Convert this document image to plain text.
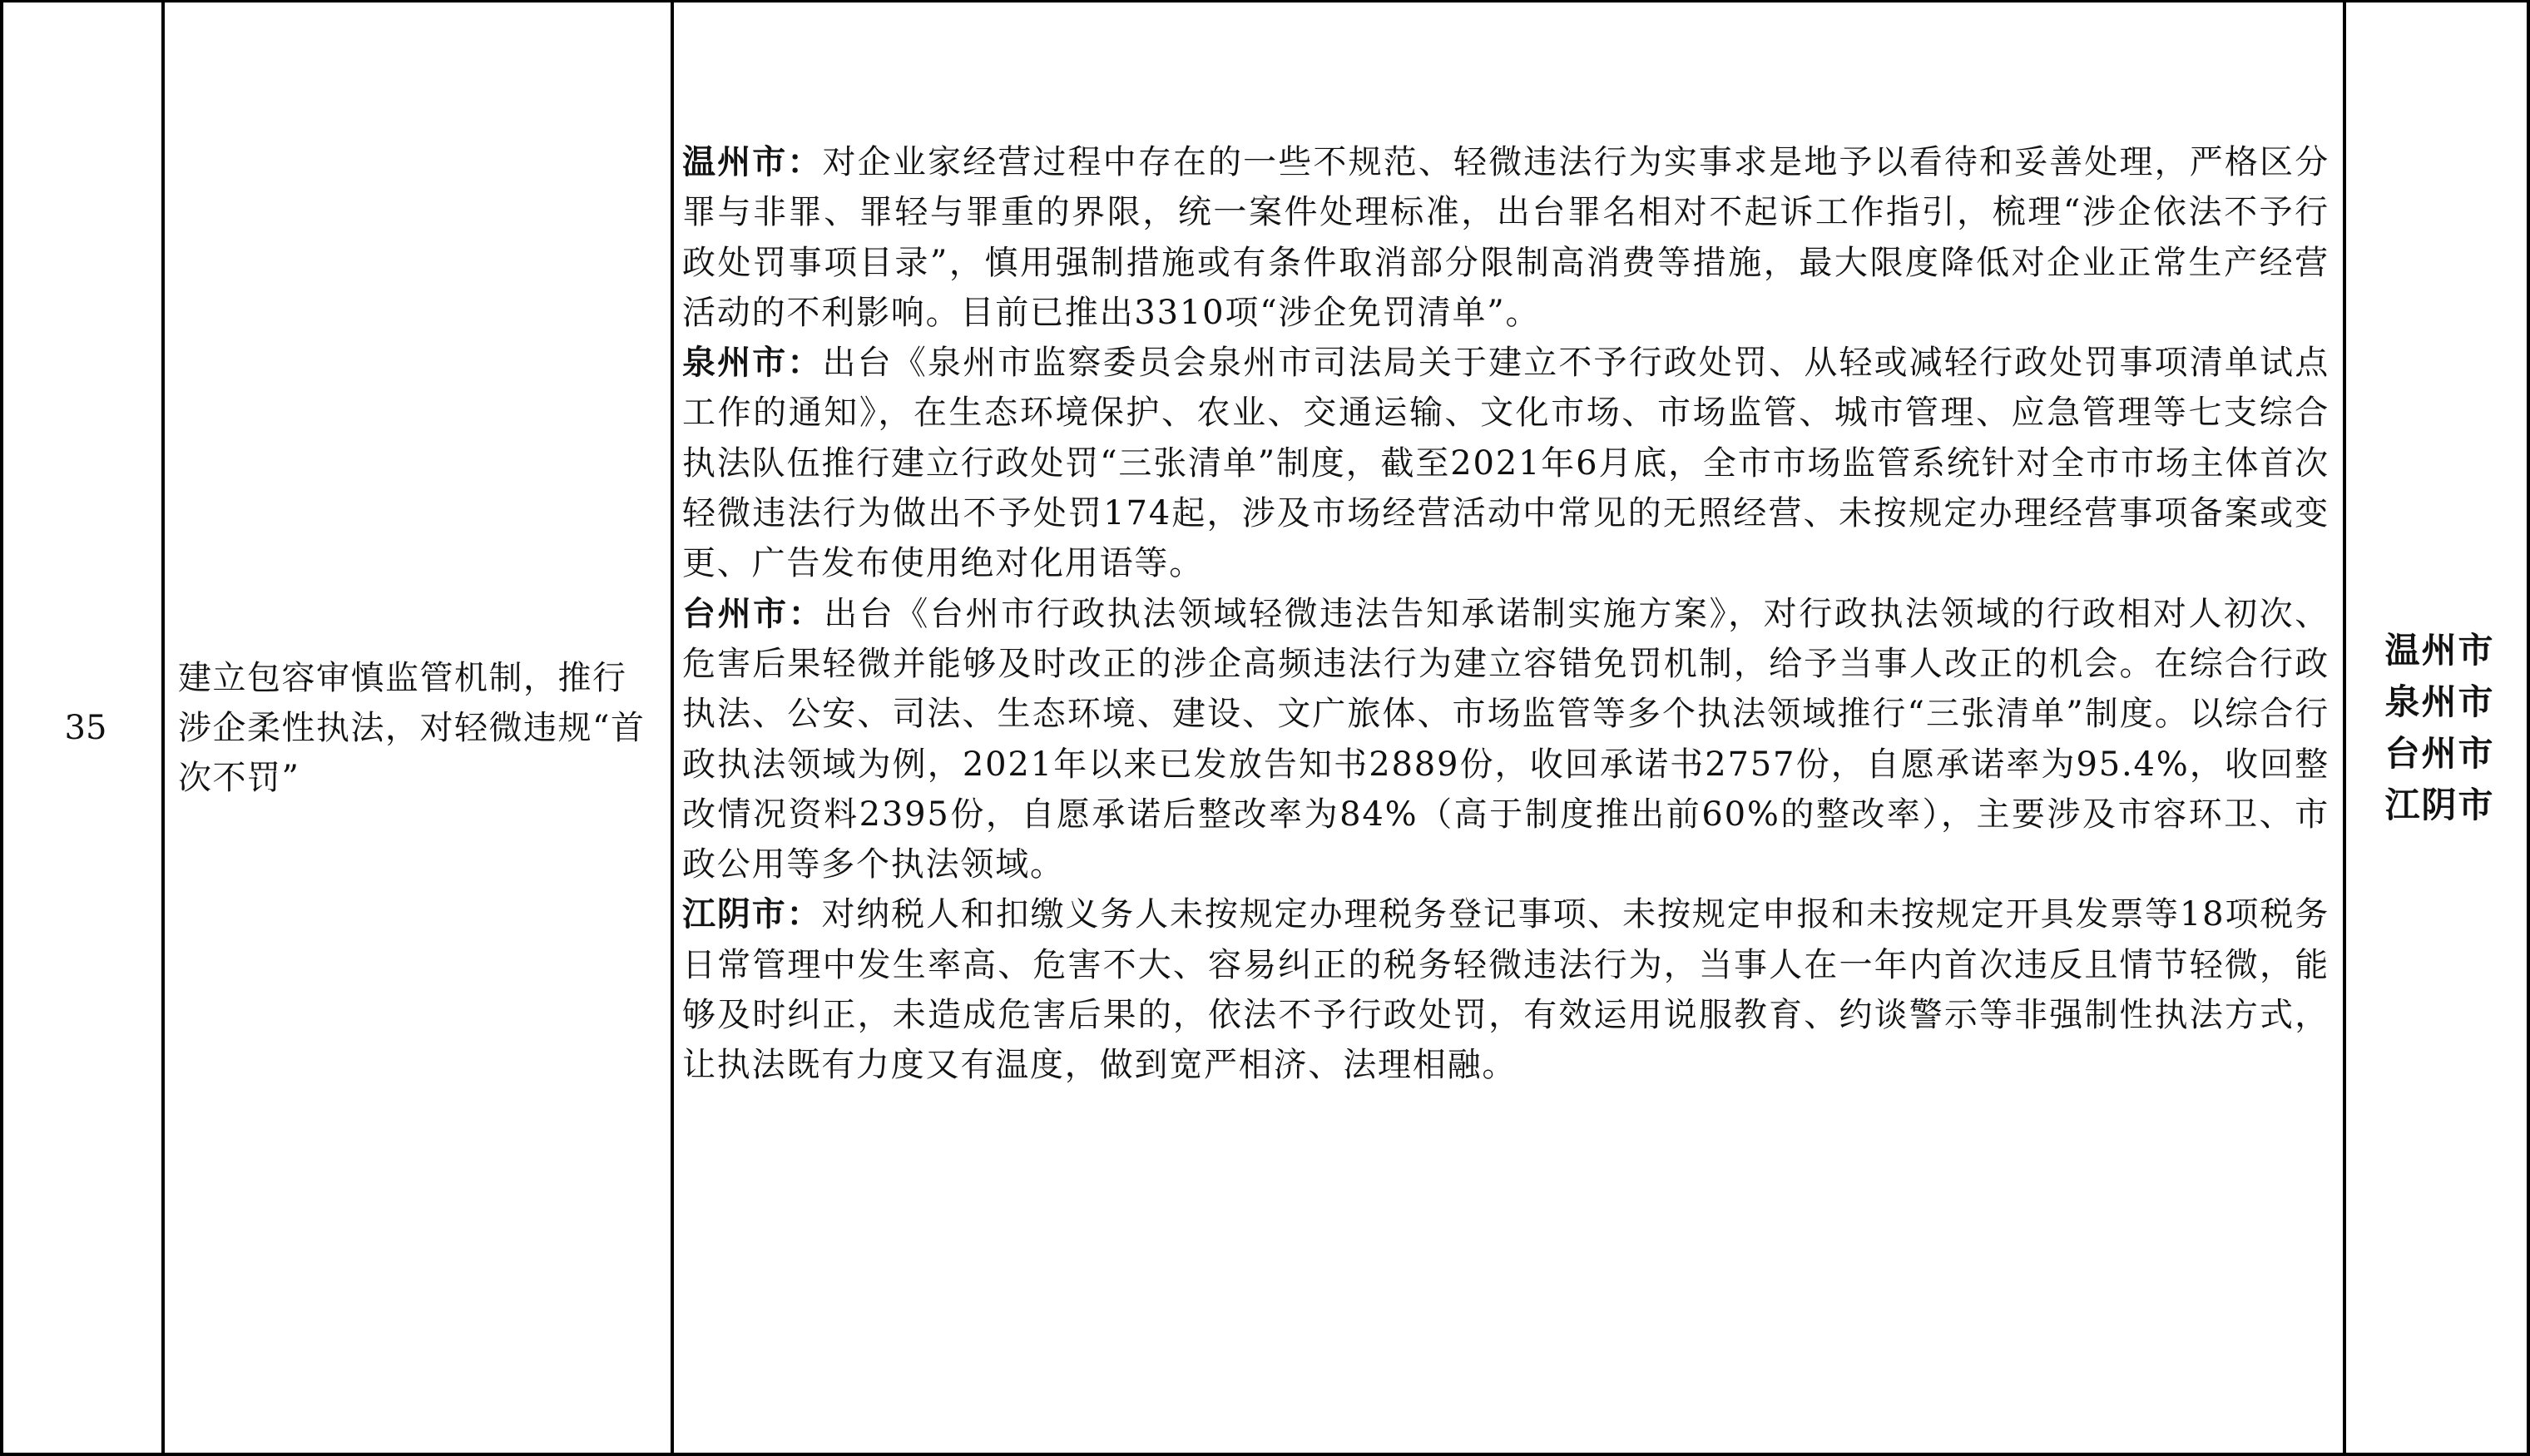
35
建立包容审慎监管机制，推行涉企柔性执法，对轻微违规“首次不罚”
温州市：对企业家经营过程中存在的一些不规范、轻微违法行为实事求是地予以看待和妥善处理，严格区分罪与非罪、罪轻与罪重的界限，统一案件处理标准，出台罪名相对不起诉工作指引，梳理“涉企依法不予行政处罚事项目录”，慎用强制措施或有条件取消部分限制高消费等措施，最大限度降低对企业正常生产经营活动的不利影响。目前已推出3310项“涉企免罚清单”。
泉州市：出台《泉州市监察委员会泉州市司法局关于建立不予行政处罚、从轻或减轻行政处罚事项清单试点工作的通知》，在生态环境保护、农业、交通运输、文化市场、市场监管、城市管理、应急管理等七支综合执法队伍推行建立行政处罚“三张清单”制度，截至2021年6月底，全市市场监管系统针对全市市场主体首次轻微违法行为做出不予处罚174起，涉及市场经营活动中常见的无照经营、未按规定办理经营事项备案或变更、广告发布使用绝对化用语等。
台州市：出台《台州市行政执法领域轻微违法告知承诺制实施方案》，对行政执法领域的行政相对人初次、危害后果轻微并能够及时改正的涉企高频违法行为建立容错免罚机制，给予当事人改正的机会。在综合行政执法、公安、司法、生态环境、建设、文广旅体、市场监管等多个执法领域推行“三张清单”制度。以综合行政执法领域为例，2021年以来已发放告知书2889份，收回承诺书2757份，自愿承诺率为95.4%，收回整改情况资料2395份，自愿承诺后整改率为84%（高于制度推出前60%的整改率），主要涉及市容环卫、市政公用等多个执法领域。
江阴市：对纳税人和扣缴义务人未按规定办理税务登记事项、未按规定申报和未按规定开具发票等18项税务日常管理中发生率高、危害不大、容易纠正的税务轻微违法行为，当事人在一年内首次违反且情节轻微，能够及时纠正，未造成危害后果的，依法不予行政处罚，有效运用说服教育、约谈警示等非强制性执法方式，让执法既有力度又有温度，做到宽严相济、法理相融。
温州市
泉州市
台州市
江阴市
